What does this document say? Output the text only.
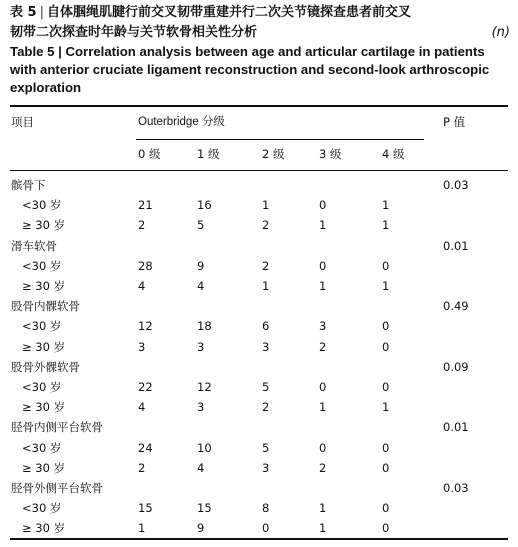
表 5 | 自体腘绳肌腱行前交叉韧带重建并行二次关节镜探查患者前交叉
韧带二次探查时年龄与关节软骨相关性分析	(n)
Table 5 | Correlation analysis between age and articular cartilage in patients with anterior cruciate ligament reconstruction and second-look arthroscopic exploration
项目	Outerbridge 分级	P 值
0 级	1 级	2 级	3 级	4 级
髌骨下	0.03
<30 岁	21	16	1	0	1
≥ 30 岁	2	5	2	1	1
滑车软骨	0.01
<30 岁	28	9	2	0	0
≥ 30 岁	4	4	1	1	1
股骨内髁软骨	0.49
<30 岁	12	18	6	3	0
≥ 30 岁	3	3	3	2	0
股骨外髁软骨	0.09
<30 岁	22	12	5	0	0
≥ 30 岁	4	3	2	1	1
胫骨内侧平台软骨	0.01
<30 岁	24	10	5	0	0
≥ 30 岁	2	4	3	2	0
胫骨外侧平台软骨	0.03
<30 岁	15	15	8	1	0
≥ 30 岁	1	9	0	1	0
